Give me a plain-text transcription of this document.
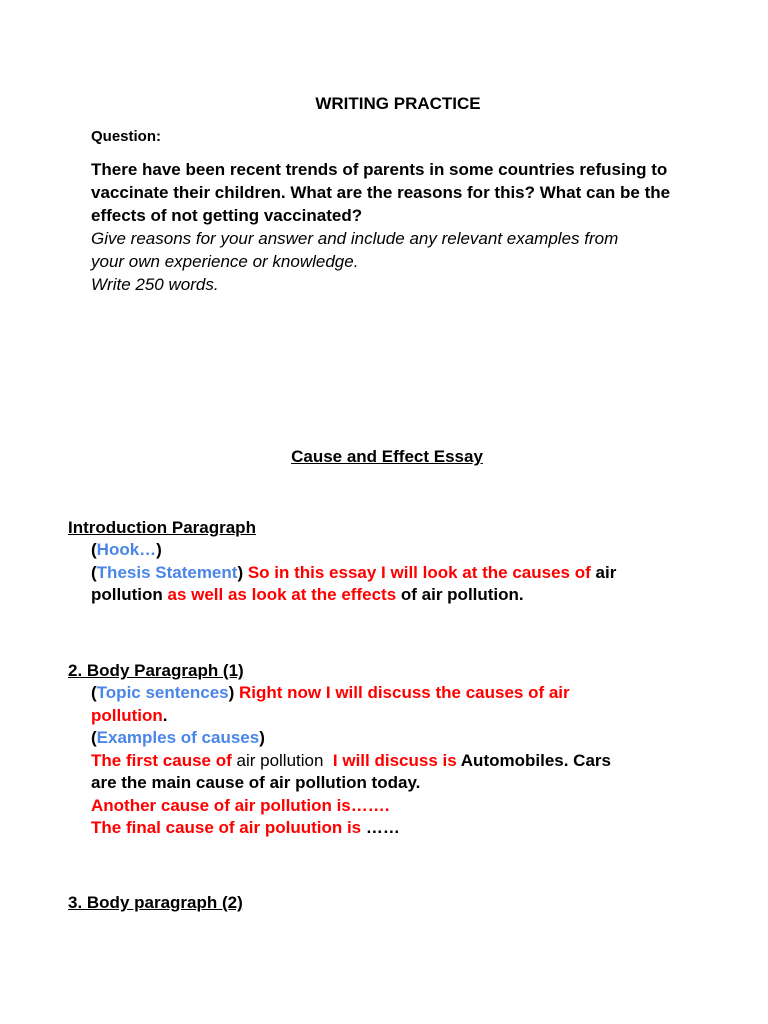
WRITING PRACTICE
Question:
There have been recent trends of parents in some countries refusing to
vaccinate their children. What are the reasons for this? What can be the
effects of not getting vaccinated?
Give reasons for your answer and include any relevant examples from
your own experience or knowledge.
Write 250 words.
Cause and Effect Essay
Introduction Paragraph
(Hook…)
(Thesis Statement) So in this essay I will look at the causes of air
pollution as well as look at the effects of air pollution.
2. Body Paragraph (1)
(Topic sentences) Right now I will discuss the causes of air
pollution.
(Examples of causes)
The first cause of air pollution I will discuss is Automobiles. Cars
are the main cause of air pollution today.
Another cause of air pollution is…….
The final cause of air poluution is ……
3. Body paragraph (2)
